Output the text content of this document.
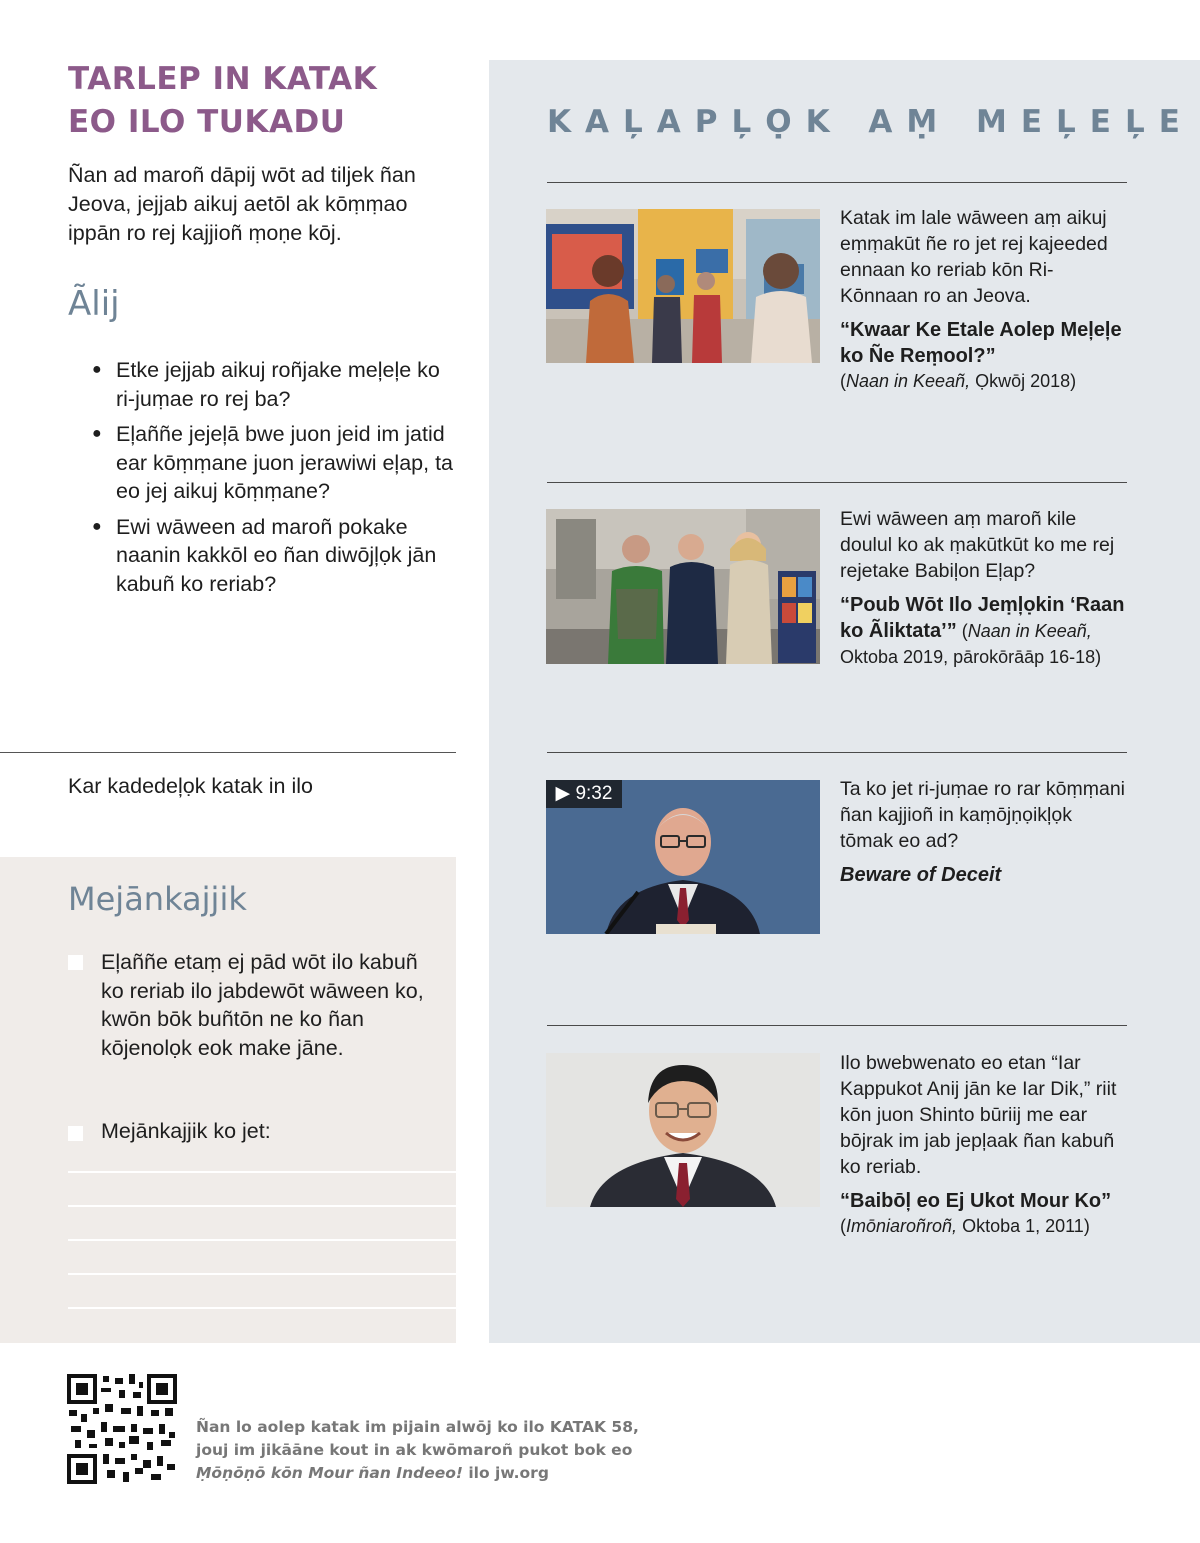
TARLEP IN KATAK
EO ILO TUKADU
Ñan ad maroñ dāpij wōt ad tiljek ñan Jeova, jejjab aikuj aetōl ak kōṃṃao ippān ro rej kajjioñ ṃoṇe kōj.
Ãlij
● Etke jejjab aikuj roñjake meļeļe ko ri-juṃae ro rej ba?
● Eļaññe jejeļā bwe juon jeid im jatid ear kōṃṃane juon jerawiwi eļap, ta eo jej aikuj kōṃṃane?
● Ewi wāween ad maroñ pokake naanin kakkōl eo ñan diwōjļọk jān kabuñ ko reriab?
Kar kadedeļọk katak in ilo
Mejānkajjik
Eļaññe etaṃ ej pād wōt ilo kabuñ ko reriab ilo jabdewōt wāween ko, kwōn bōk buñtōn ne ko ñan kōjenolọk eok make jāne.
Mejānkajjik ko jet:
KAĻAPĻỌK AṂ MEĻEĻE
Katak im lale wāween aṃ aikuj eṃṃakūt ñe ro jet rej kajeeded ennaan ko reriab kōn Ri-Kōnnaan ro an Jeova.
“Kwaar Ke Etale Aolep Meļeļe ko Ñe Reṃool?”
(Naan in Keeañ, Ọkwōj 2018)
Ewi wāween aṃ maroñ kile doulul ko ak ṃakūtkūt ko me rej rejetake Babiļon Eļap?
“Poub Wōt Ilo Jeṃļọkin ‘Raan ko Ãliktata’” (Naan in Keeañ, Oktoba 2019, pārokōrāāp 16-18)
▶ 9:32	Ta ko jet ri-juṃae ro rar kōṃṃani ñan kajjioñ in kaṃōjṇọikļọk tōmak eo ad?
Beware of Deceit
Ilo bwebwenato eo etan “Iar Kappukot Anij jān ke Iar Dik,” riit kōn juon Shinto būriij me ear bōjrak im jab jepļaak ñan kabuñ ko reriab.
“Baibōļ eo Ej Ukot Mour Ko”
(Imōniaroñroñ, Oktoba 1, 2011)
Ñan lo aolep katak im pijain alwōj ko ilo KATAK 58,
jouj im jikāāne kout in ak kwōmaroñ pukot bok eo
Ṃōṇōṇō kōn Mour ñan Indeeo! ilo jw.org
